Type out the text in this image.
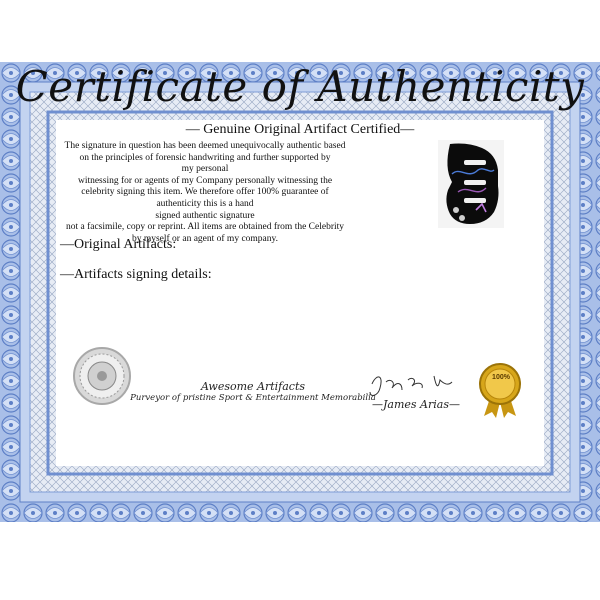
Certificate of Authenticity
— Genuine Original Artifact Certified—
The signature in question has been deemed unequivocally authentic based
on the principles of forensic handwriting and further supported by
my personal
witnessing for or agents of my Company personally witnessing the
celebrity signing this item. We therefore offer 100% guarantee of
authenticity this is a hand
signed authentic signature
not a facsimile, copy or reprint. All items are obtained from the Celebrity
by myself or an agent of my company.
—Original Artifacts:
—Artifacts signing details:
Awesome Artifacts
Purveyor of pristine Sport & Entertainment Memorabilia
—James Arias—
100%
